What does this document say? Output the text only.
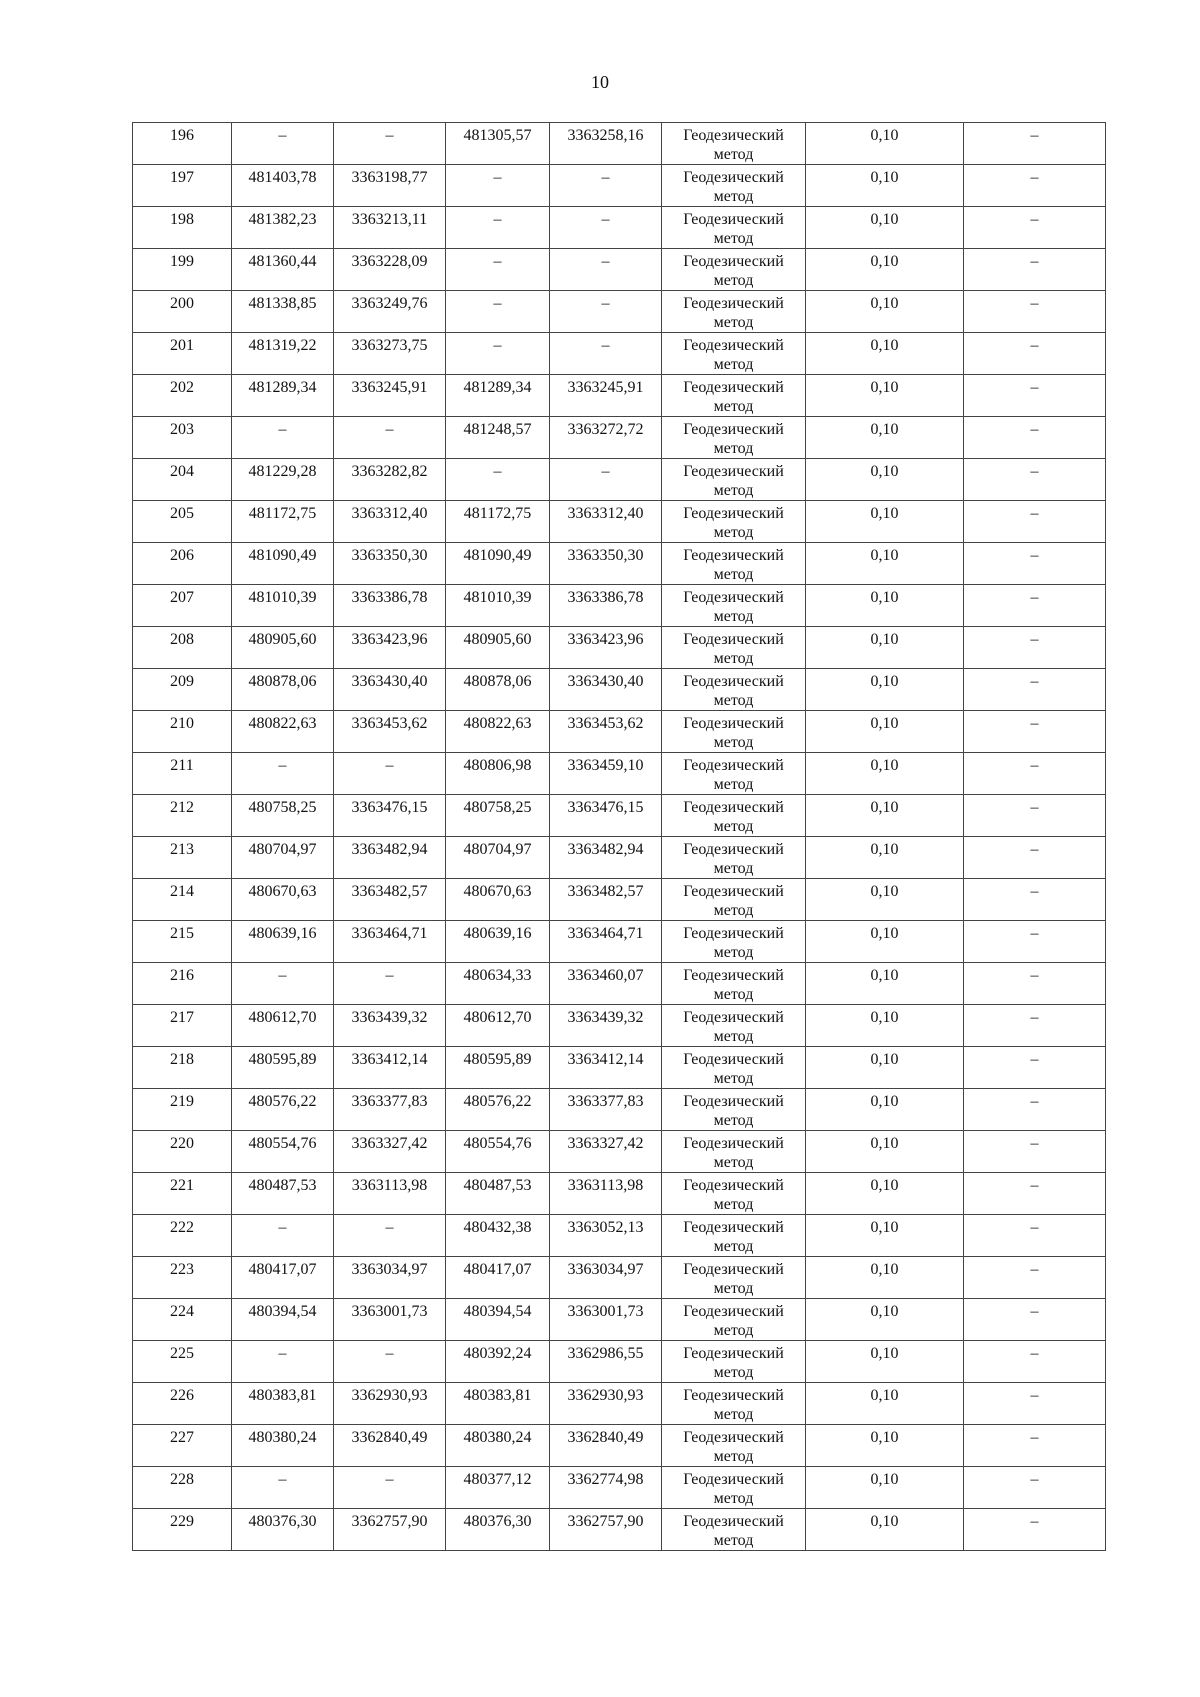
10
196	–	–	481305,57	3363258,16	Геодезический метод	0,10	–

197	481403,78	3363198,77	–	–	Геодезический метод	0,10	–

198	481382,23	3363213,11	–	–	Геодезический метод	0,10	–

199	481360,44	3363228,09	–	–	Геодезический метод	0,10	–

200	481338,85	3363249,76	–	–	Геодезический метод	0,10	–

201	481319,22	3363273,75	–	–	Геодезический метод	0,10	–

202	481289,34	3363245,91	481289,34	3363245,91	Геодезический метод	0,10	–

203	–	–	481248,57	3363272,72	Геодезический метод	0,10	–

204	481229,28	3363282,82	–	–	Геодезический метод	0,10	–

205	481172,75	3363312,40	481172,75	3363312,40	Геодезический метод	0,10	–

206	481090,49	3363350,30	481090,49	3363350,30	Геодезический метод	0,10	–

207	481010,39	3363386,78	481010,39	3363386,78	Геодезический метод	0,10	–

208	480905,60	3363423,96	480905,60	3363423,96	Геодезический метод	0,10	–

209	480878,06	3363430,40	480878,06	3363430,40	Геодезический метод	0,10	–

210	480822,63	3363453,62	480822,63	3363453,62	Геодезический метод	0,10	–

211	–	–	480806,98	3363459,10	Геодезический метод	0,10	–

212	480758,25	3363476,15	480758,25	3363476,15	Геодезический метод	0,10	–

213	480704,97	3363482,94	480704,97	3363482,94	Геодезический метод	0,10	–

214	480670,63	3363482,57	480670,63	3363482,57	Геодезический метод	0,10	–

215	480639,16	3363464,71	480639,16	3363464,71	Геодезический метод	0,10	–

216	–	–	480634,33	3363460,07	Геодезический метод	0,10	–

217	480612,70	3363439,32	480612,70	3363439,32	Геодезический метод	0,10	–

218	480595,89	3363412,14	480595,89	3363412,14	Геодезический метод	0,10	–

219	480576,22	3363377,83	480576,22	3363377,83	Геодезический метод	0,10	–

220	480554,76	3363327,42	480554,76	3363327,42	Геодезический метод	0,10	–

221	480487,53	3363113,98	480487,53	3363113,98	Геодезический метод	0,10	–

222	–	–	480432,38	3363052,13	Геодезический метод	0,10	–

223	480417,07	3363034,97	480417,07	3363034,97	Геодезический метод	0,10	–

224	480394,54	3363001,73	480394,54	3363001,73	Геодезический метод	0,10	–

225	–	–	480392,24	3362986,55	Геодезический метод	0,10	–

226	480383,81	3362930,93	480383,81	3362930,93	Геодезический метод	0,10	–

227	480380,24	3362840,49	480380,24	3362840,49	Геодезический метод	0,10	–

228	–	–	480377,12	3362774,98	Геодезический метод	0,10	–

229	480376,30	3362757,90	480376,30	3362757,90	Геодезический метод	0,10	–
